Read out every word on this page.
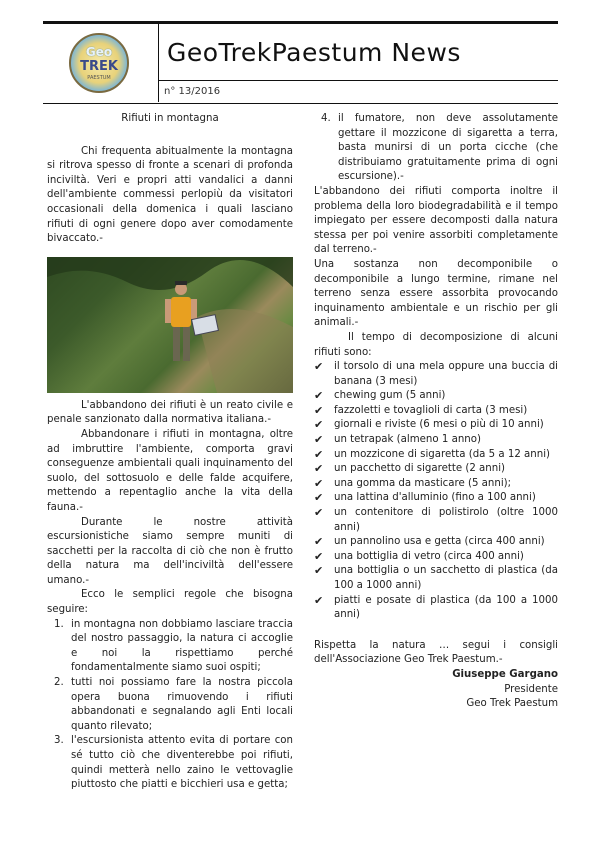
Geo
TREK
PAESTUM
GeoTrekPaestum News
n° 13/2016
Rifiuti in montagna

Chi frequenta abitualmente la montagna si ritrova spesso di fronte a scenari di profonda inciviltà. Veri e propri atti vandalici a danni dell'ambiente commessi perlopiù da visitatori occasionali della domenica i quali lasciano rifiuti di ogni genere dopo aver comodamente bivaccato.-

L'abbandono dei rifiuti è un reato civile e penale sanzionato dalla normativa italiana.-

Abbandonare i rifiuti in montagna, oltre ad imbruttire l'ambiente, comporta gravi conseguenze ambientali quali inquinamento del suolo, del sottosuolo e delle falde acquifere, mettendo a repentaglio anche la vita della fauna.-

Durante le nostre attività escursionistiche siamo sempre muniti di sacchetti per la raccolta di ciò che non è frutto della natura ma dell'inciviltà dell'essere umano.-

Ecco le semplici regole che bisogna seguire:

1. in montagna non dobbiamo lasciare traccia del nostro passaggio, la natura ci accoglie e noi la rispettiamo perché fondamentalmente siamo suoi ospiti;
2. tutti noi possiamo fare la nostra piccola opera buona rimuovendo i rifiuti abbandonati e segnalando agli Enti locali quanto rilevato;
3. l'escursionista attento evita di portare con sé tutto ciò che diventerebbe poi rifiuti, quindi metterà nello zaino le vettovaglie piuttosto che piatti e bicchieri usa e getta;
4. il fumatore, non deve assolutamente gettare il mozzicone di sigaretta a terra, basta munirsi di un porta cicche (che distribuiamo gratuitamente prima di ogni escursione).-

L'abbandono dei rifiuti comporta inoltre il problema della loro biodegradabilità e il tempo impiegato per essere decomposti dalla natura stessa per poi venire assorbiti completamente dal terreno.-

Una sostanza non decomponibile o decomponibile a lungo termine, rimane nel terreno senza essere assorbita provocando inquinamento ambientale e un rischio per gli animali.-

Il tempo di decomposizione di alcuni rifiuti sono:

✔ il torsolo di una mela oppure una buccia di banana (3 mesi)
✔ chewing gum (5 anni)
✔ fazzoletti e tovaglioli di carta (3 mesi)
✔ giornali e riviste (6 mesi o più di 10 anni)
✔ un tetrapak (almeno 1 anno)
✔ un mozzicone di sigaretta (da 5 a 12 anni)
✔ un pacchetto di sigarette (2 anni)
✔ una gomma da masticare (5 anni);
✔ una lattina d'alluminio (fino a 100 anni)
✔ un contenitore di polistirolo (oltre 1000 anni)
✔ un pannolino usa e getta (circa 400 anni)
✔ una bottiglia di vetro (circa 400 anni)
✔ una bottiglia o un sacchetto di plastica (da 100 a 1000 anni)
✔ piatti e posate di plastica (da 100 a 1000 anni)

Rispetta la natura … segui i consigli dell'Associazione Geo Trek Paestum.-

Giuseppe Gargano

Presidente

Geo Trek Paestum
